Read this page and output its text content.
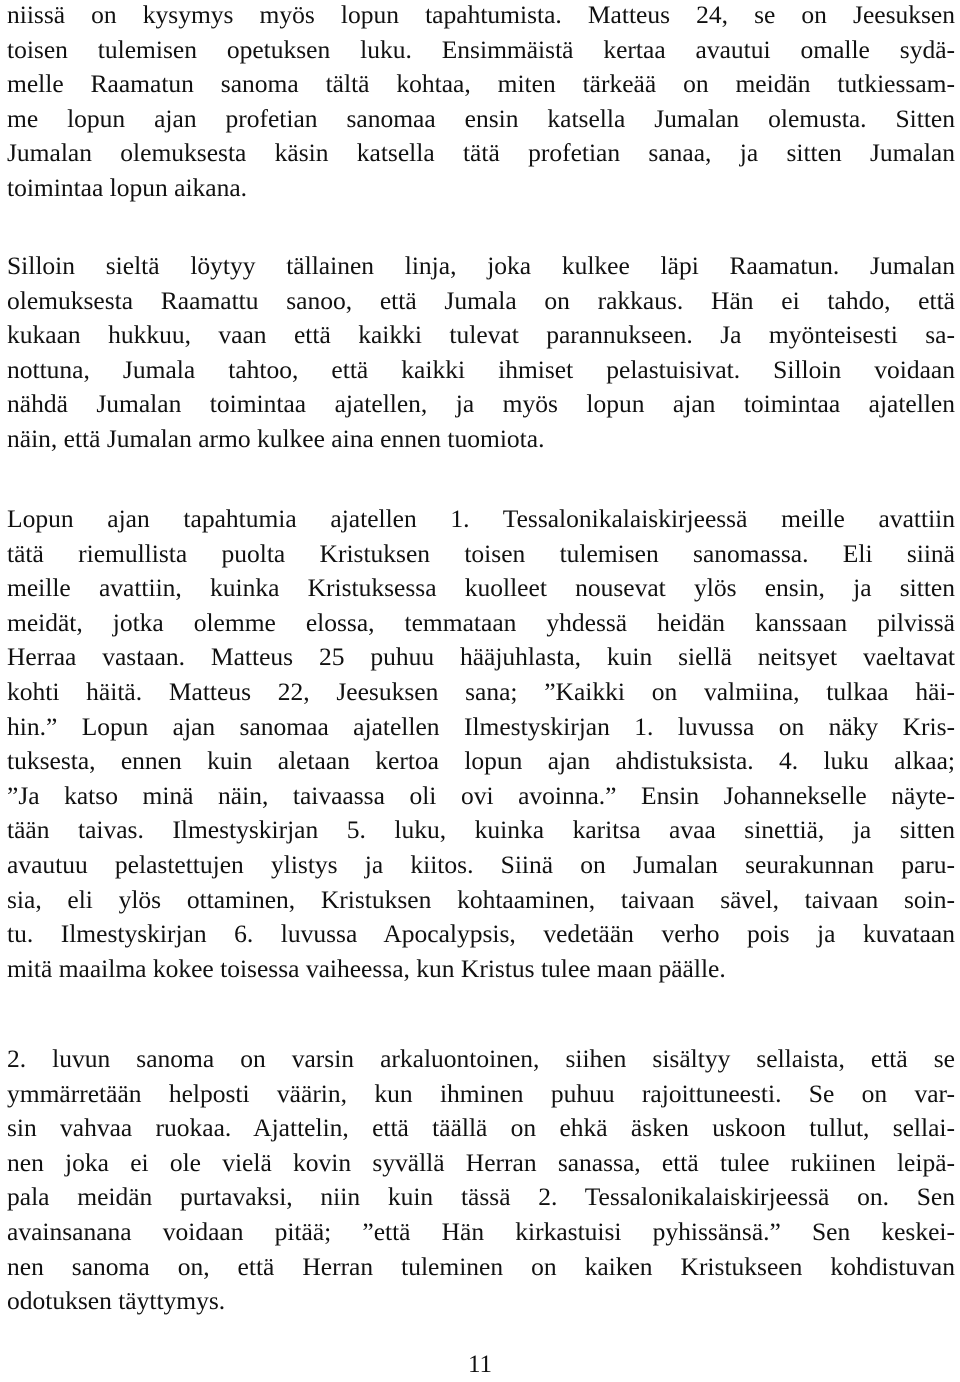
niissä on kysymys myös lopun tapahtumista. Matteus 24, se on Jeesuksen
toisen tulemisen opetuksen luku. Ensimmäistä kertaa avautui omalle sydä-
melle Raamatun sanoma tältä kohtaa, miten tärkeää on meidän tutkiessam-
me lopun ajan profetian sanomaa ensin katsella Jumalan olemusta. Sitten
Jumalan olemuksesta käsin katsella tätä profetian sanaa, ja sitten Jumalan
toimintaa lopun aikana.
Silloin sieltä löytyy tällainen linja, joka kulkee läpi Raamatun. Jumalan
olemuksesta Raamattu sanoo, että Jumala on rakkaus. Hän ei tahdo, että
kukaan hukkuu, vaan että kaikki tulevat parannukseen. Ja myönteisesti sa-
nottuna, Jumala tahtoo, että kaikki ihmiset pelastuisivat. Silloin voidaan
nähdä Jumalan toimintaa ajatellen, ja myös lopun ajan toimintaa ajatellen
näin, että Jumalan armo kulkee aina ennen tuomiota.
Lopun ajan tapahtumia ajatellen 1. Tessalonikalaiskirjeessä meille avattiin
tätä riemullista puolta Kristuksen toisen tulemisen sanomassa. Eli siinä
meille avattiin, kuinka Kristuksessa kuolleet nousevat ylös ensin, ja sitten
meidät, jotka olemme elossa, temmataan yhdessä heidän kanssaan pilvissä
Herraa vastaan. Matteus 25 puhuu hääjuhlasta, kuin siellä neitsyet vaeltavat
kohti häitä. Matteus 22, Jeesuksen sana; ”Kaikki on valmiina, tulkaa häi-
hin.” Lopun ajan sanomaa ajatellen Ilmestyskirjan 1. luvussa on näky Kris-
tuksesta, ennen kuin aletaan kertoa lopun ajan ahdistuksista. 4. luku alkaa;
”Ja katso minä näin, taivaassa oli ovi avoinna.” Ensin Johannekselle näyte-
tään taivas. Ilmestyskirjan 5. luku, kuinka karitsa avaa sinettiä, ja sitten
avautuu pelastettujen ylistys ja kiitos. Siinä on Jumalan seurakunnan paru-
sia, eli ylös ottaminen, Kristuksen kohtaaminen, taivaan sävel, taivaan soin-
tu. Ilmestyskirjan 6. luvussa Apocalypsis, vedetään verho pois ja kuvataan
mitä maailma kokee toisessa vaiheessa, kun Kristus tulee maan päälle.
2. luvun sanoma on varsin arkaluontoinen, siihen sisältyy sellaista, että se
ymmärretään helposti väärin, kun ihminen puhuu rajoittuneesti. Se on var-
sin vahvaa ruokaa. Ajattelin, että täällä on ehkä äsken uskoon tullut, sellai-
nen joka ei ole vielä kovin syvällä Herran sanassa, että tulee rukiinen leipä-
pala meidän purtavaksi, niin kuin tässä 2. Tessalonikalaiskirjeessä on. Sen
avainsanana voidaan pitää; ”että Hän kirkastuisi pyhissänsä.” Sen keskei-
nen sanoma on, että Herran tuleminen on kaiken Kristukseen kohdistuvan
odotuksen täyttymys.
11
